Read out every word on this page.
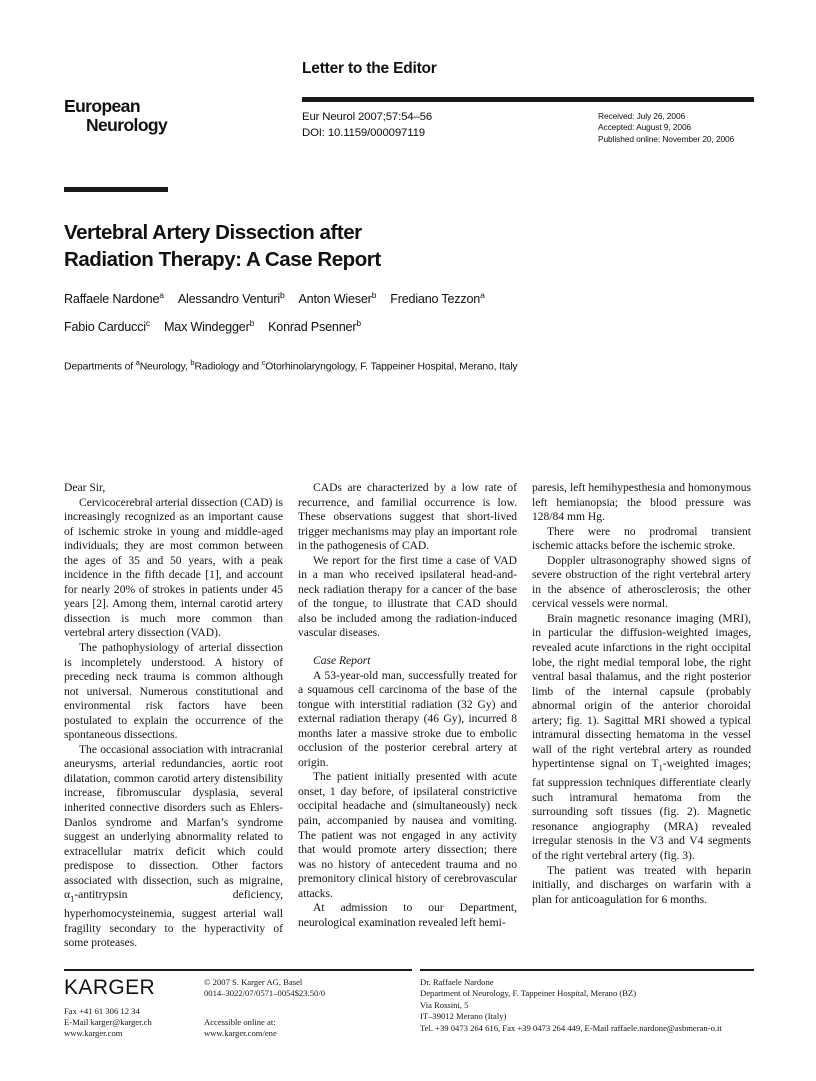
Letter to the Editor
European
Neurology	Eur Neurol 2007;57:54–56
DOI: 10.1159/000097119
Received: July 26, 2006
Accepted: August 9, 2006
Published online: November 20, 2006
Vertebral Artery Dissection after
Radiation Therapy: A Case Report
Raffaele Nardone$^a$ Alessandro Venturi$^b$ Anton Wieser$^b$ Frediano Tezzon$^a$
Fabio Carducci$^c$ Max Windegger$^b$ Konrad Psenner$^b$
Departments of $^a$Neurology, $^b$Radiology and $^c$Otorhinolaryngology, F. Tappeiner Hospital, Merano, Italy

Dear Sir,

Cervicocerebral arterial dissection (CAD) is increasingly recognized as an important cause of ischemic stroke in young and middle-aged individuals; they are most common between the ages of 35 and 50 years, with a peak incidence in the fifth decade [1], and account for nearly 20% of strokes in patients under 45 years [2]. Among them, internal carotid artery dissection is much more common than vertebral artery dissection (VAD).

The pathophysiology of arterial dissection is incompletely understood. A history of preceding neck trauma is common although not universal. Numerous constitutional and environmental risk factors have been postulated to explain the occurrence of the spontaneous dissections.

The occasional association with intracranial aneurysms, arterial redundancies, aortic root dilatation, common carotid artery distensibility increase, fibromuscular dysplasia, several inherited connective disorders such as Ehlers-Danlos syndrome and Marfan’s syndrome suggest an underlying abnormality related to extracellular matrix deficit which could predispose to dissection. Other factors associated with dissection, such as migraine, $\alpha_1$-antitrypsin deficiency, hyperhomocysteinemia, suggest arterial wall fragility secondary to the hyperactivity of some proteases.

CADs are characterized by a low rate of recurrence, and familial occurrence is low. These observations suggest that short-lived trigger mechanisms may play an important role in the pathogenesis of CAD.

We report for the first time a case of VAD in a man who received ipsilateral head-and-neck radiation therapy for a cancer of the base of the tongue, to illustrate that CAD should also be included among the radiation-induced vascular diseases.

Case Report

A 53-year-old man, successfully treated for a squamous cell carcinoma of the base of the tongue with interstitial radiation (32 Gy) and external radiation therapy (46 Gy), incurred 8 months later a massive stroke due to embolic occlusion of the posterior cerebral artery at origin.

The patient initially presented with acute onset, 1 day before, of ipsilateral constrictive occipital headache and (simultaneously) neck pain, accompanied by nausea and vomiting. The patient was not engaged in any activity that would promote artery dissection; there was no history of antecedent trauma and no premonitory clinical history of cerebrovascular attacks.

At admission to our Department, neurological examination revealed left hemi-

paresis, left hemihypesthesia and homonymous left hemianopsia; the blood pressure was 128/84 mm Hg.

There were no prodromal transient ischemic attacks before the ischemic stroke.

Doppler ultrasonography showed signs of severe obstruction of the right vertebral artery in the absence of atherosclerosis; the other cervical vessels were normal.

Brain magnetic resonance imaging (MRI), in particular the diffusion-weighted images, revealed acute infarctions in the right occipital lobe, the right medial temporal lobe, the right ventral basal thalamus, and the right posterior limb of the internal capsule (probably abnormal origin of the anterior choroidal artery; fig. 1). Sagittal MRI showed a typical intramural dissecting hematoma in the vessel wall of the right vertebral artery as rounded hypertintense signal on $T_1$-weighted images; fat suppression techniques differentiate clearly such intramural hematoma from the surrounding soft tissues (fig. 2). Magnetic resonance angiography (MRA) revealed irregular stenosis in the V3 and V4 segments of the right vertebral artery (fig. 3).

The patient was treated with heparin initially, and discharges on warfarin with a plan for anticoagulation for 6 months.

KARGER
Fax +41 61 306 12 34
E-Mail karger@karger.ch
www.karger.com
© 2007 S. Karger AG, Basel
0014–3022/07/0571–0054$23.50/0
Accessible online at:
www.karger.com/ene
Dr. Raffaele Nardone
Department of Neurology, F. Tappeiner Hospital, Merano (BZ)
Via Rossini, 5
IT–39012 Merano (Italy)
Tel. +39 0473 264 616, Fax +39 0473 264 449, E-Mail raffaele.nardone@asbmeran-o.it
